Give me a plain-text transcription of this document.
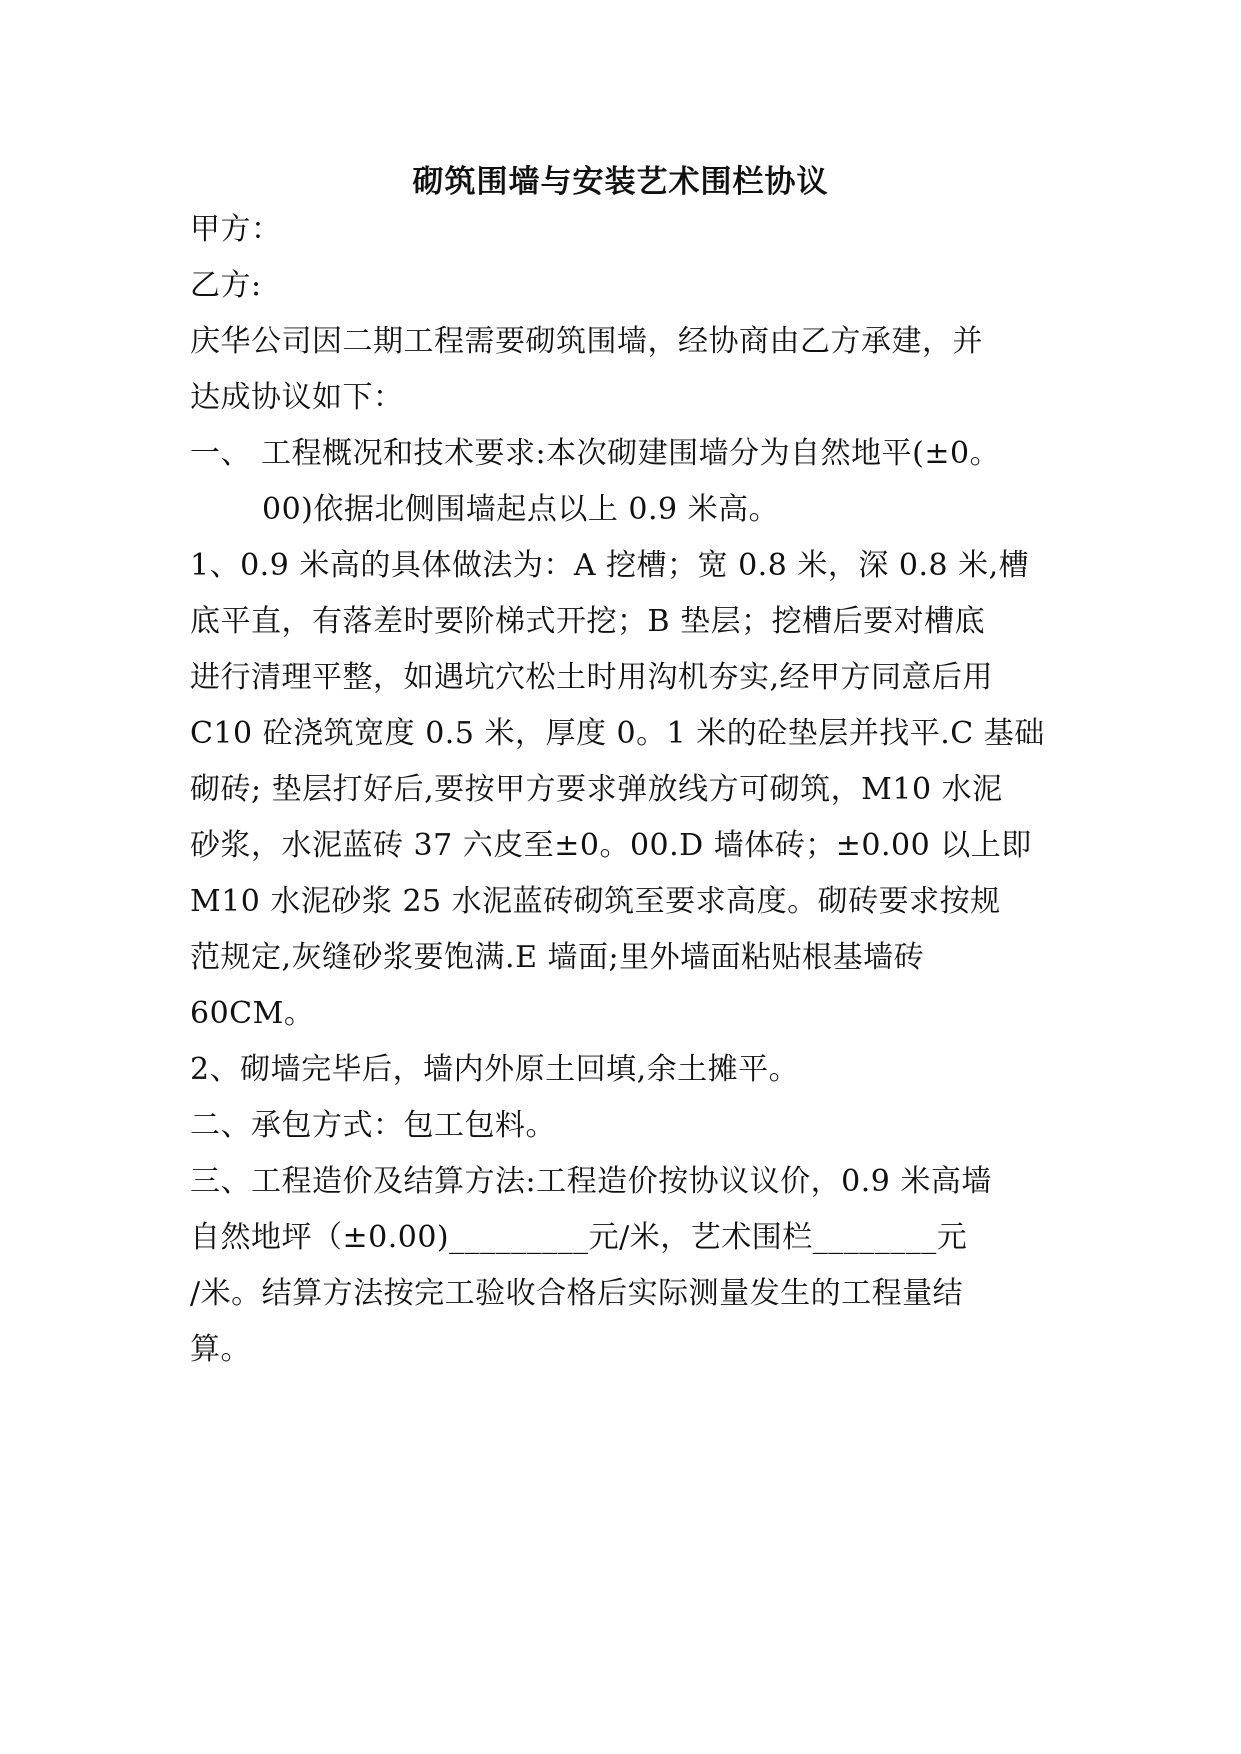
砌筑围墙与安装艺术围栏协议
甲方：
乙方:
庆华公司因二期工程需要砌筑围墙，经协商由乙方承建，并
达成协议如下：
一、 工程概况和技术要求:本次砌建围墙分为自然地平(±0。
00)依据北侧围墙起点以上 0.9 米高。
1、0.9 米高的具体做法为：A 挖槽；宽 0.8 米，深 0.8 米,槽
底平直，有落差时要阶梯式开挖；B 垫层；挖槽后要对槽底
进行清理平整，如遇坑穴松土时用沟机夯实,经甲方同意后用
C10 砼浇筑宽度 0.5 米，厚度 0。1 米的砼垫层并找平.C 基础
砌砖; 垫层打好后,要按甲方要求弹放线方可砌筑，M10 水泥
砂浆，水泥蓝砖 37 六皮至±0。00.D 墙体砖；±0.00 以上即
M10 水泥砂浆 25 水泥蓝砖砌筑至要求高度。砌砖要求按规
范规定,灰缝砂浆要饱满.E 墙面;里外墙面粘贴根基墙砖
60CM。
2、砌墙完毕后，墙内外原土回填,余土摊平。
二、承包方式：包工包料。
三、工程造价及结算方法:工程造价按协议议价，0.9 米高墙
自然地坪（±0.00)_________元/米，艺术围栏________元
/米。结算方法按完工验收合格后实际测量发生的工程量结
算。
